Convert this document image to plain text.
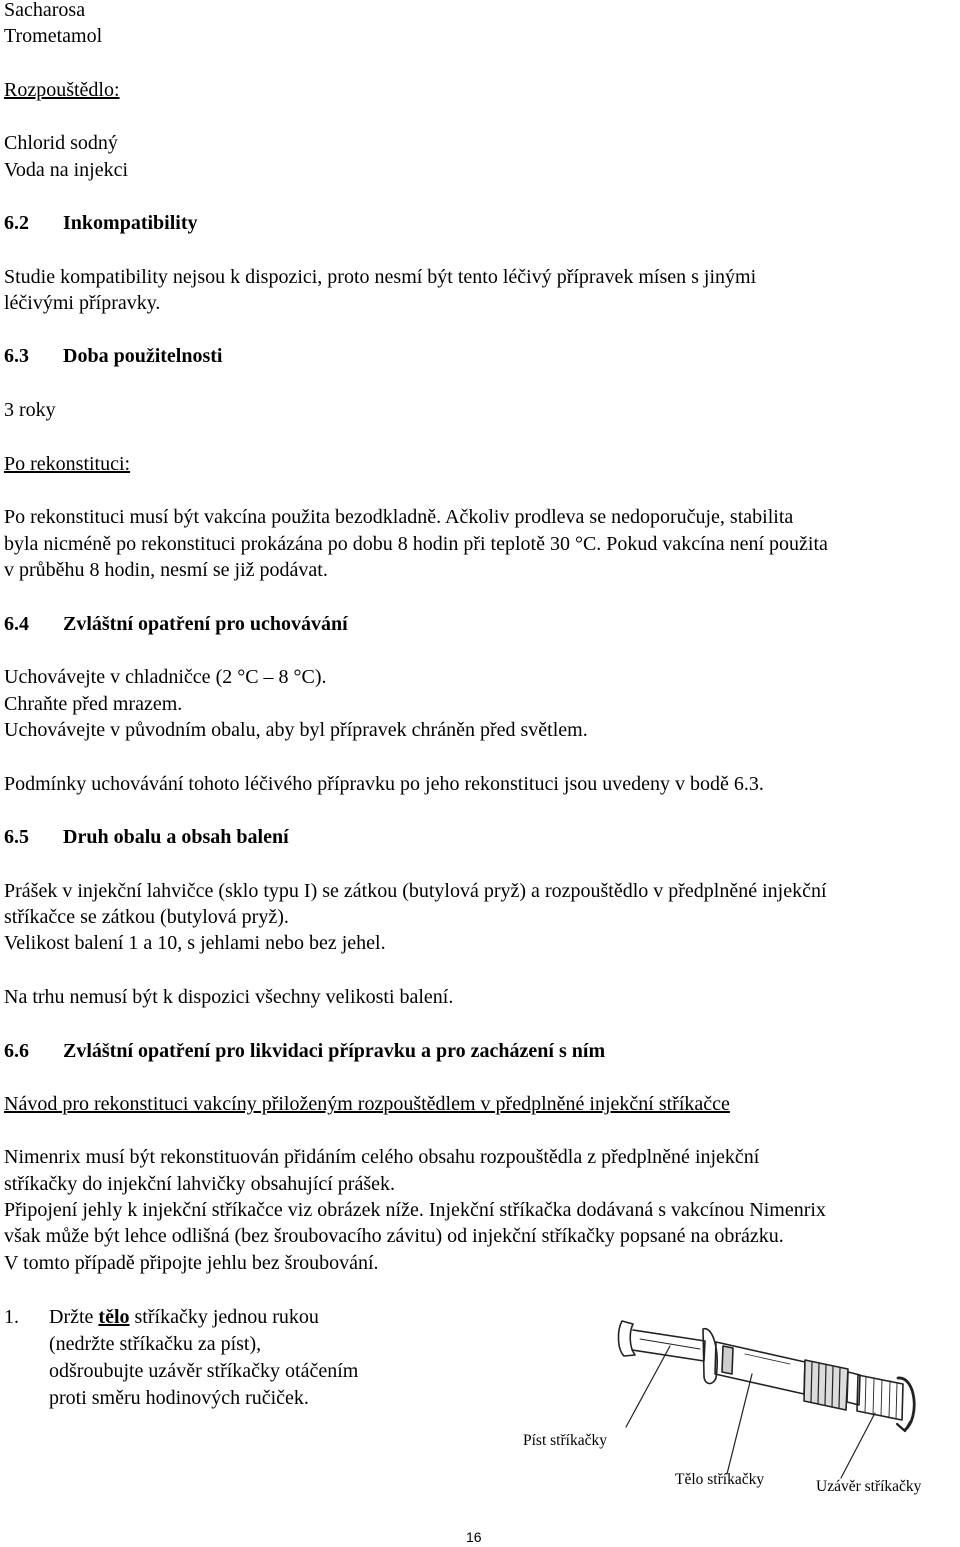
Sacharosa
Trometamol
Rozpouštědlo:
Chlorid sodný
Voda na injekci
6.2 Inkompatibility
Studie kompatibility nejsou k dispozici, proto nesmí být tento léčivý přípravek mísen s jinými
léčivými přípravky.
6.3 Doba použitelnosti
3 roky
Po rekonstituci:
Po rekonstituci musí být vakcína použita bezodkladně. Ačkoliv prodleva se nedoporučuje, stabilita
byla nicméně po rekonstituci prokázána po dobu 8 hodin při teplotě 30 °C. Pokud vakcína není použita
v průběhu 8 hodin, nesmí se již podávat.
6.4 Zvláštní opatření pro uchovávání
Uchovávejte v chladničce (2 °C – 8 °C).
Chraňte před mrazem.
Uchovávejte v původním obalu, aby byl přípravek chráněn před světlem.
Podmínky uchovávání tohoto léčivého přípravku po jeho rekonstituci jsou uvedeny v bodě 6.3.
6.5 Druh obalu a obsah balení
Prášek v injekční lahvičce (sklo typu I) se zátkou (butylová pryž) a rozpouštědlo v předplněné injekční
stříkačce se zátkou (butylová pryž).
Velikost balení 1 a 10, s jehlami nebo bez jehel.
Na trhu nemusí být k dispozici všechny velikosti balení.
6.6 Zvláštní opatření pro likvidaci přípravku a pro zacházení s ním
Návod pro rekonstituci vakcíny přiloženým rozpouštědlem v předplněné injekční stříkačce
Nimenrix musí být rekonstituován přidáním celého obsahu rozpouštědla z předplněné injekční
stříkačky do injekční lahvičky obsahující prášek.
Připojení jehly k injekční stříkačce viz obrázek níže. Injekční stříkačka dodávaná s vakcínou Nimenrix
však může být lehce odlišná (bez šroubovacího závitu) od injekční stříkačky popsané na obrázku.
V tomto případě připojte jehlu bez šroubování.
1. Držte tělo stříkačky jednou rukou
(nedržte stříkačku za píst),
odšroubujte uzávěr stříkačky otáčením
proti směru hodinových ručiček.
Píst stříkačky
Tělo stříkačky	Uzávěr stříkačky
16
